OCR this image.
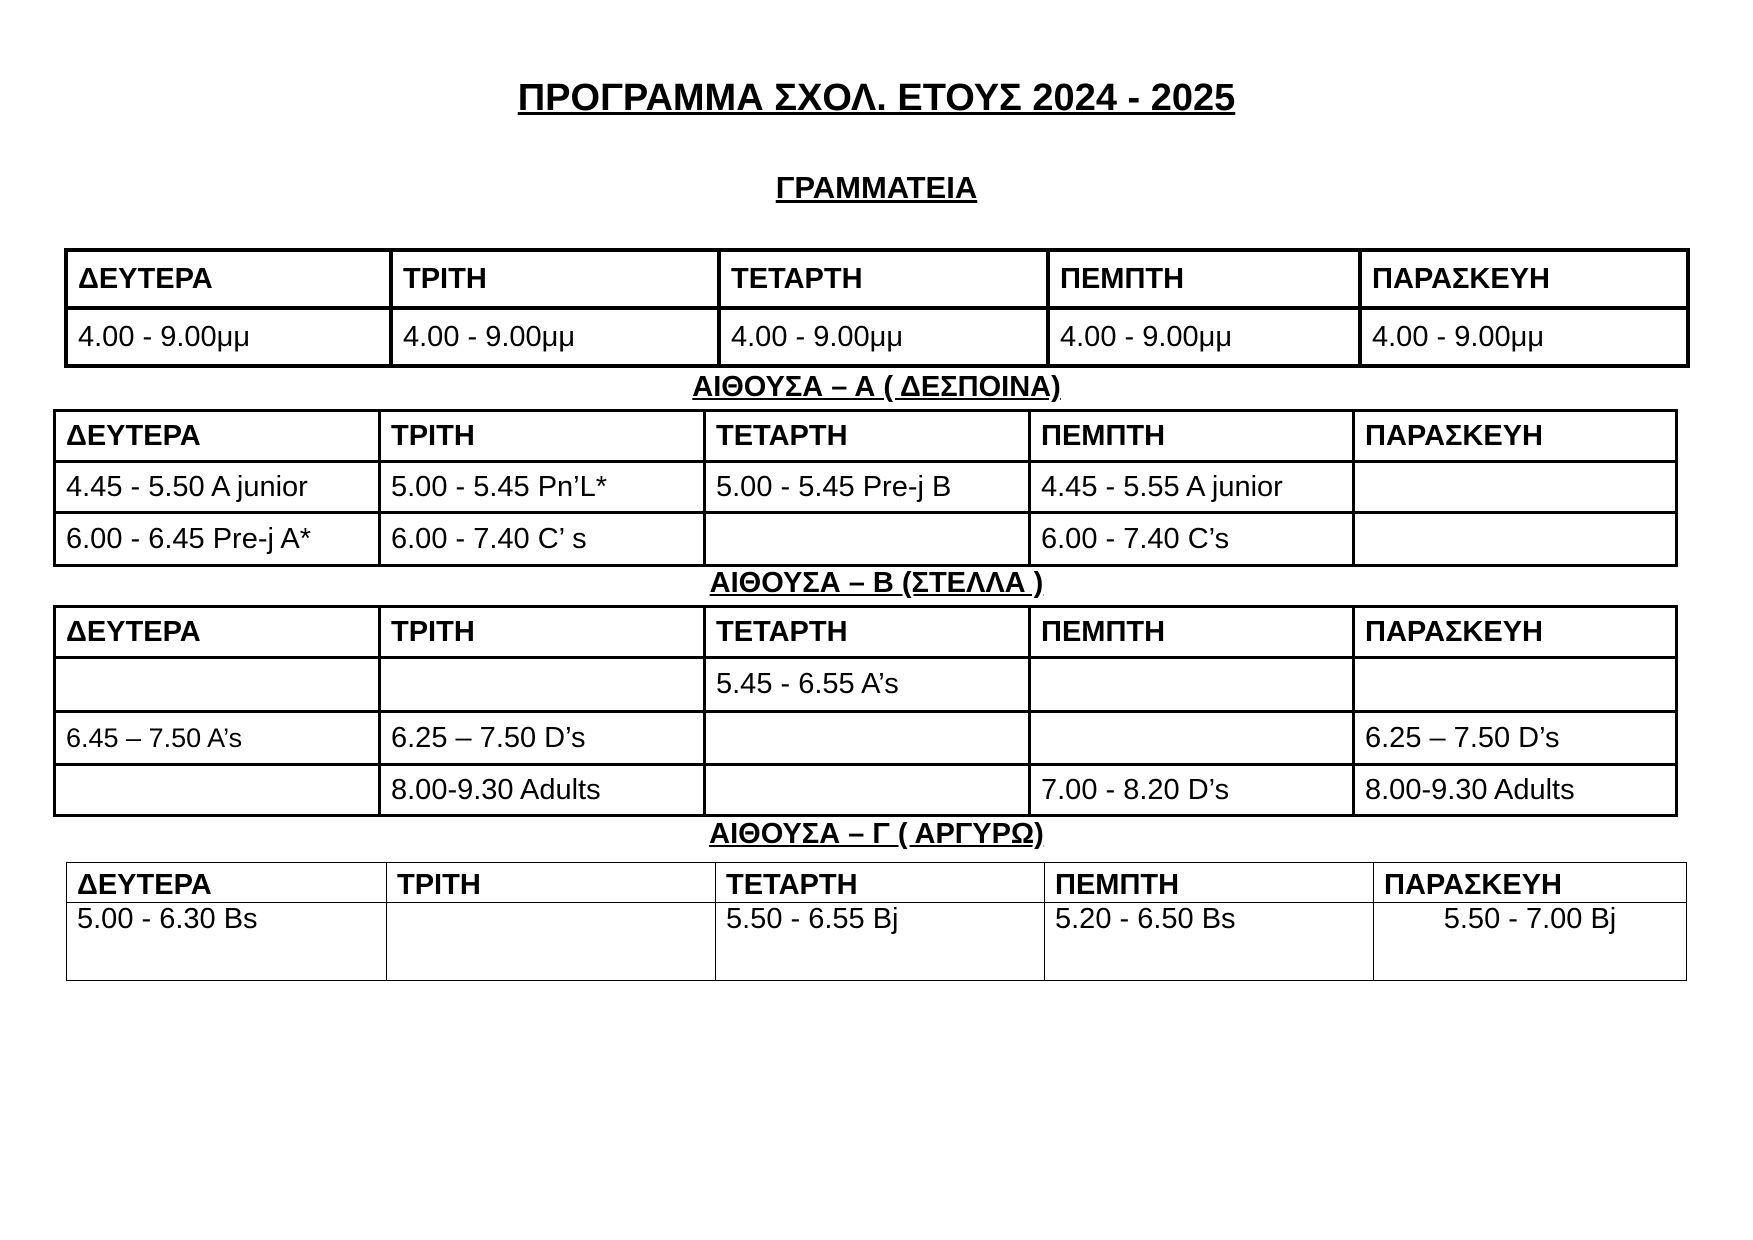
ΠΡΟΓΡΑΜΜΑ ΣΧΟΛ. ΕΤΟΥΣ 2024 - 2025
ΓΡΑΜΜΑΤΕΙΑ
ΔΕΥΤΕΡΑ	ΤΡΙΤΗ	ΤΕΤΑΡΤΗ	ΠΕΜΠΤΗ	ΠΑΡΑΣΚΕΥΗ
4.00 - 9.00μμ	4.00 - 9.00μμ	4.00 - 9.00μμ	4.00 - 9.00μμ	4.00 - 9.00μμ
ΑΙΘΟΥΣΑ – Α ( ΔΕΣΠΟΙΝΑ)
ΔΕΥΤΕΡΑ	ΤΡΙΤΗ	ΤΕΤΑΡΤΗ	ΠΕΜΠΤΗ	ΠΑΡΑΣΚΕΥΗ
4.45 - 5.50 A junior	5.00 - 5.45 Pn’L*	5.00 - 5.45 Pre-j B	4.45 - 5.55 A junior	
6.00 - 6.45 Pre-j A*	6.00 - 7.40 C’ s		6.00 - 7.40 C’s	
ΑΙΘΟΥΣΑ – Β (ΣΤΕΛΛΑ )
ΔΕΥΤΕΡΑ	ΤΡΙΤΗ	ΤΕΤΑΡΤΗ	ΠΕΜΠΤΗ	ΠΑΡΑΣΚΕΥΗ
		5.45 - 6.55 A’s		
6.45 – 7.50 A’s	6.25 – 7.50 D’s			6.25 – 7.50 D’s
	8.00-9.30 Adults		7.00 - 8.20 D’s	8.00-9.30 Adults
ΑΙΘΟΥΣΑ – Γ ( ΑΡΓΥΡΩ)
ΔΕΥΤΕΡΑ	ΤΡΙΤΗ	ΤΕΤΑΡΤΗ	ΠΕΜΠΤΗ	ΠΑΡΑΣΚΕΥΗ
5.00 - 6.30 Bs		5.50 - 6.55 Bj	5.20 - 6.50 Bs	5.50 - 7.00 Bj
